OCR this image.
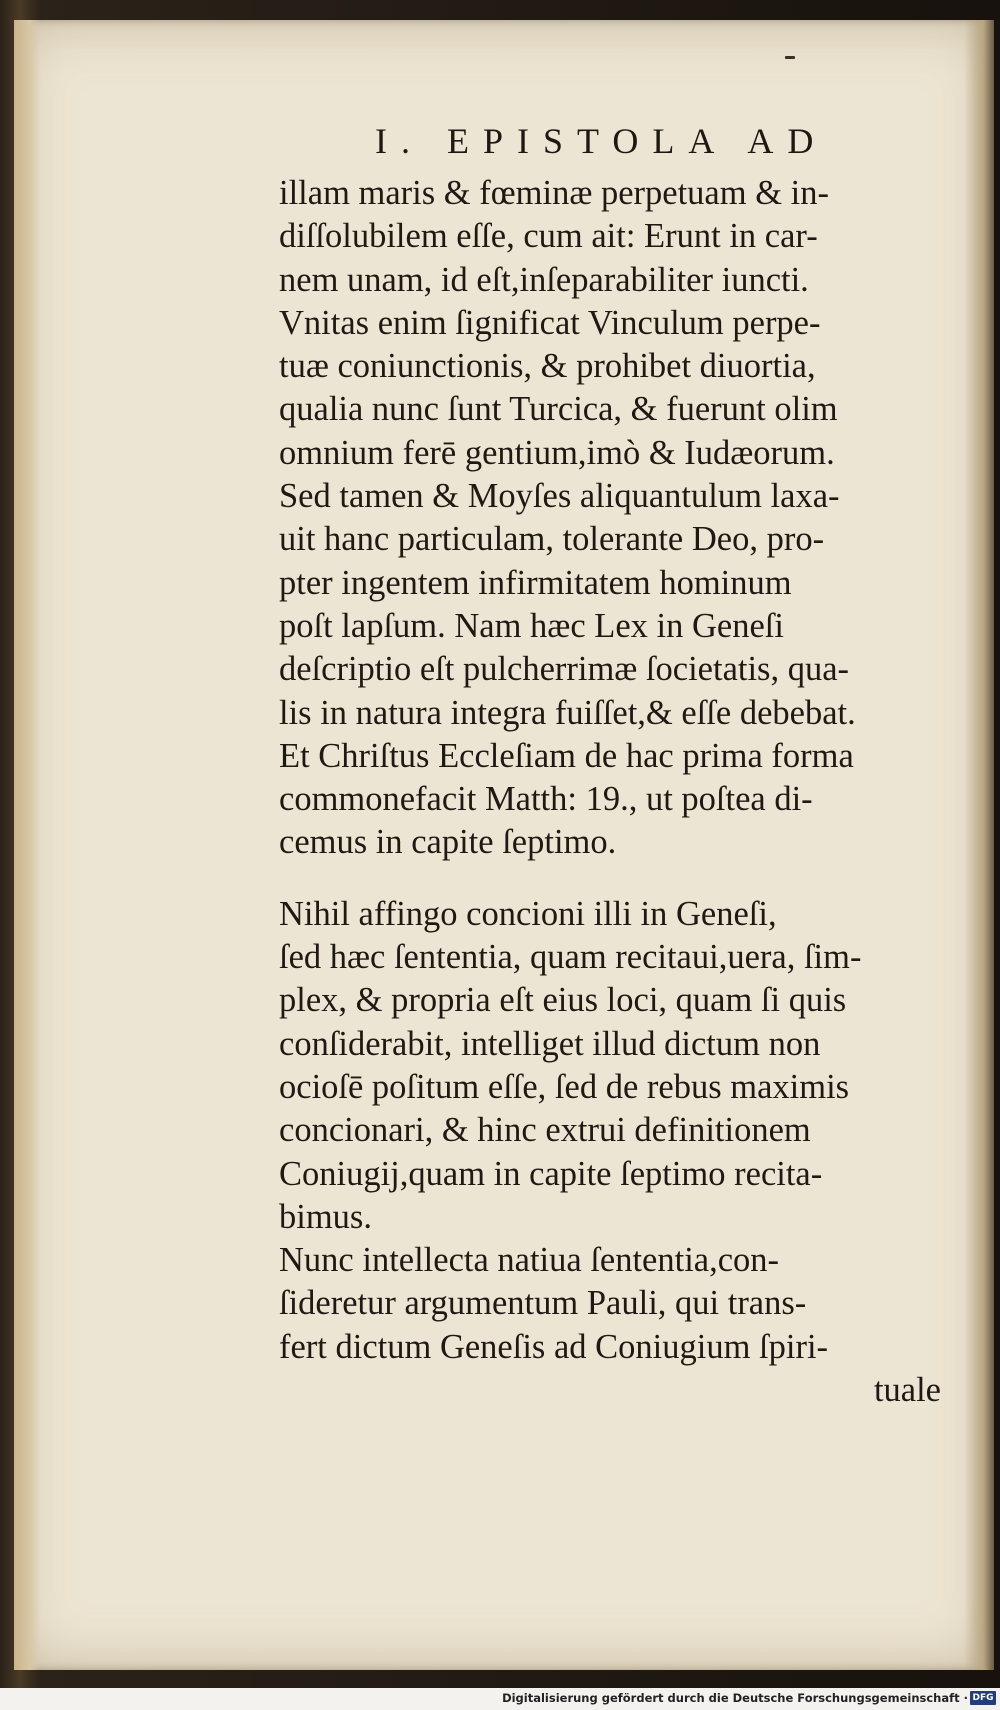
I. EPISTOLA AD
illam maris & fœminæ perpetuam & in-
diſſolubilem eſſe, cum ait: Erunt in car-
nem unam, id eſt,inſeparabiliter iuncti.
Vnitas enim ſignificat Vinculum perpe-
tuæ coniunctionis, & prohibet diuortia,
qualia nunc ſunt Turcica, & fuerunt olim
omnium ferē gentium,imò & Iudæorum.
Sed tamen & Moyſes aliquantulum laxa-
uit hanc particulam, tolerante Deo, pro-
pter ingentem infirmitatem hominum
poſt lapſum. Nam hæc Lex in Geneſi
deſcriptio eſt pulcherrimæ ſocietatis, qua-
lis in natura integra fuiſſet,& eſſe debebat.
Et Chriſtus Eccleſiam de hac prima forma
commonefacit Matth: 19., ut poſtea di-
cemus in capite ſeptimo.
Nihil affingo concioni illi in Geneſi,
ſed hæc ſententia, quam recitaui,uera, ſim-
plex, & propria eſt eius loci, quam ſi quis
conſiderabit, intelliget illud dictum non
ocioſē poſitum eſſe, ſed de rebus maximis
concionari, & hinc extrui definitionem
Coniugij,quam in capite ſeptimo recita-
bimus.
Nunc intellecta natiua ſententia,con-
ſideretur argumentum Pauli, qui trans-
fert dictum Geneſis ad Coniugium ſpiri-
tuale
Digitalisierung gefördert durch die Deutsche Forschungsgemeinschaft · DFG
